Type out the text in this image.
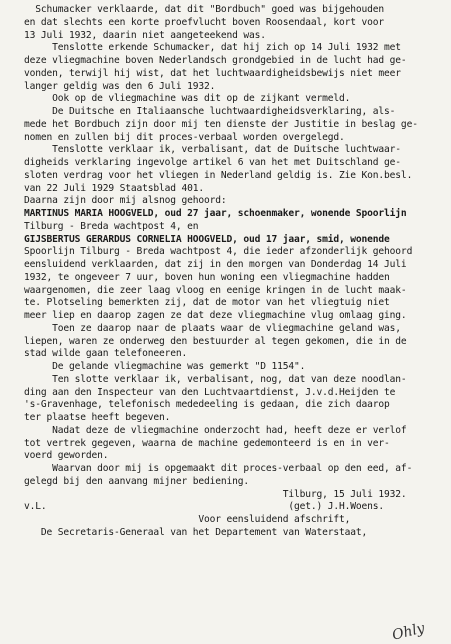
Schumacker verklaarde, dat dit "Bordbuch" goed was bijgehouden
en dat slechts een korte proefvlucht boven Roosendaal, kort voor
13 Juli 1932, daarin niet aangeteekend was.
Tenslotte erkende Schumacker, dat hij zich op 14 Juli 1932 met
deze vliegmachine boven Nederlandsch grondgebied in de lucht had ge-
vonden, terwijl hij wist, dat het luchtwaardigheidsbewijs niet meer
langer geldig was den 6 Juli 1932.
Ook op de vliegmachine was dit op de zijkant vermeld.
De Duitsche en Italiaansche luchtwaardigheidsverklaring, als-
mede het Bordbuch zijn door mij ten dienste der Justitie in beslag ge-
nomen en zullen bij dit proces-verbaal worden overgelegd.
Tenslotte verklaar ik, verbalisant, dat de Duitsche luchtwaar-
digheids verklaring ingevolge artikel 6 van het met Duitschland ge-
sloten verdrag voor het vliegen in Nederland geldig is. Zie Kon.besl.
van 22 Juli 1929 Staatsblad 401.
Daarna zijn door mij alsnog gehoord:
MARTINUS MARIA HOOGVELD, oud 27 jaar, schoenmaker, wonende Spoorlijn
Tilburg - Breda wachtpost 4, en
GIJSBERTUS GERARDUS CORNELIA HOOGVELD, oud 17 jaar, smid, wonende
Spoorlijn Tilburg - Breda wachtpost 4, die ieder afzonderlijk gehoord
eensluidend verklaarden, dat zij in den morgen van Donderdag 14 Juli
1932, te ongeveer 7 uur, boven hun woning een vliegmachine hadden
waargenomen, die zeer laag vloog en eenige kringen in de lucht maak-
te. Plotseling bemerkten zij, dat de motor van het vliegtuig niet
meer liep en daarop zagen ze dat deze vliegmachine vlug omlaag ging.
Toen ze daarop naar de plaats waar de vliegmachine geland was,
liepen, waren ze onderweg den bestuurder al tegen gekomen, die in de
stad wilde gaan telefoneeren.
De gelande vliegmachine was gemerkt "D 1154".
Ten slotte verklaar ik, verbalisant, nog, dat van deze noodlan-
ding aan den Inspecteur van den Luchtvaartdienst, J.v.d.Heijden te
's-Gravenhage, telefonisch mededeeling is gedaan, die zich daarop
ter plaatse heeft begeven.
Nadat deze de vliegmachine onderzocht had, heeft deze er verlof
tot vertrek gegeven, waarna de machine gedemonteerd is en in ver-
voerd geworden.
Waarvan door mij is opgemaakt dit proces-verbaal op den eed, af-
gelegd bij den aanvang mijner bediening.
Tilburg, 15 Juli 1932.
v.L.                                           (get.) J.H.Woens.
Voor eensluidend afschrift,
De Secretaris-Generaal van het Departement van Waterstaat,
Ohly
